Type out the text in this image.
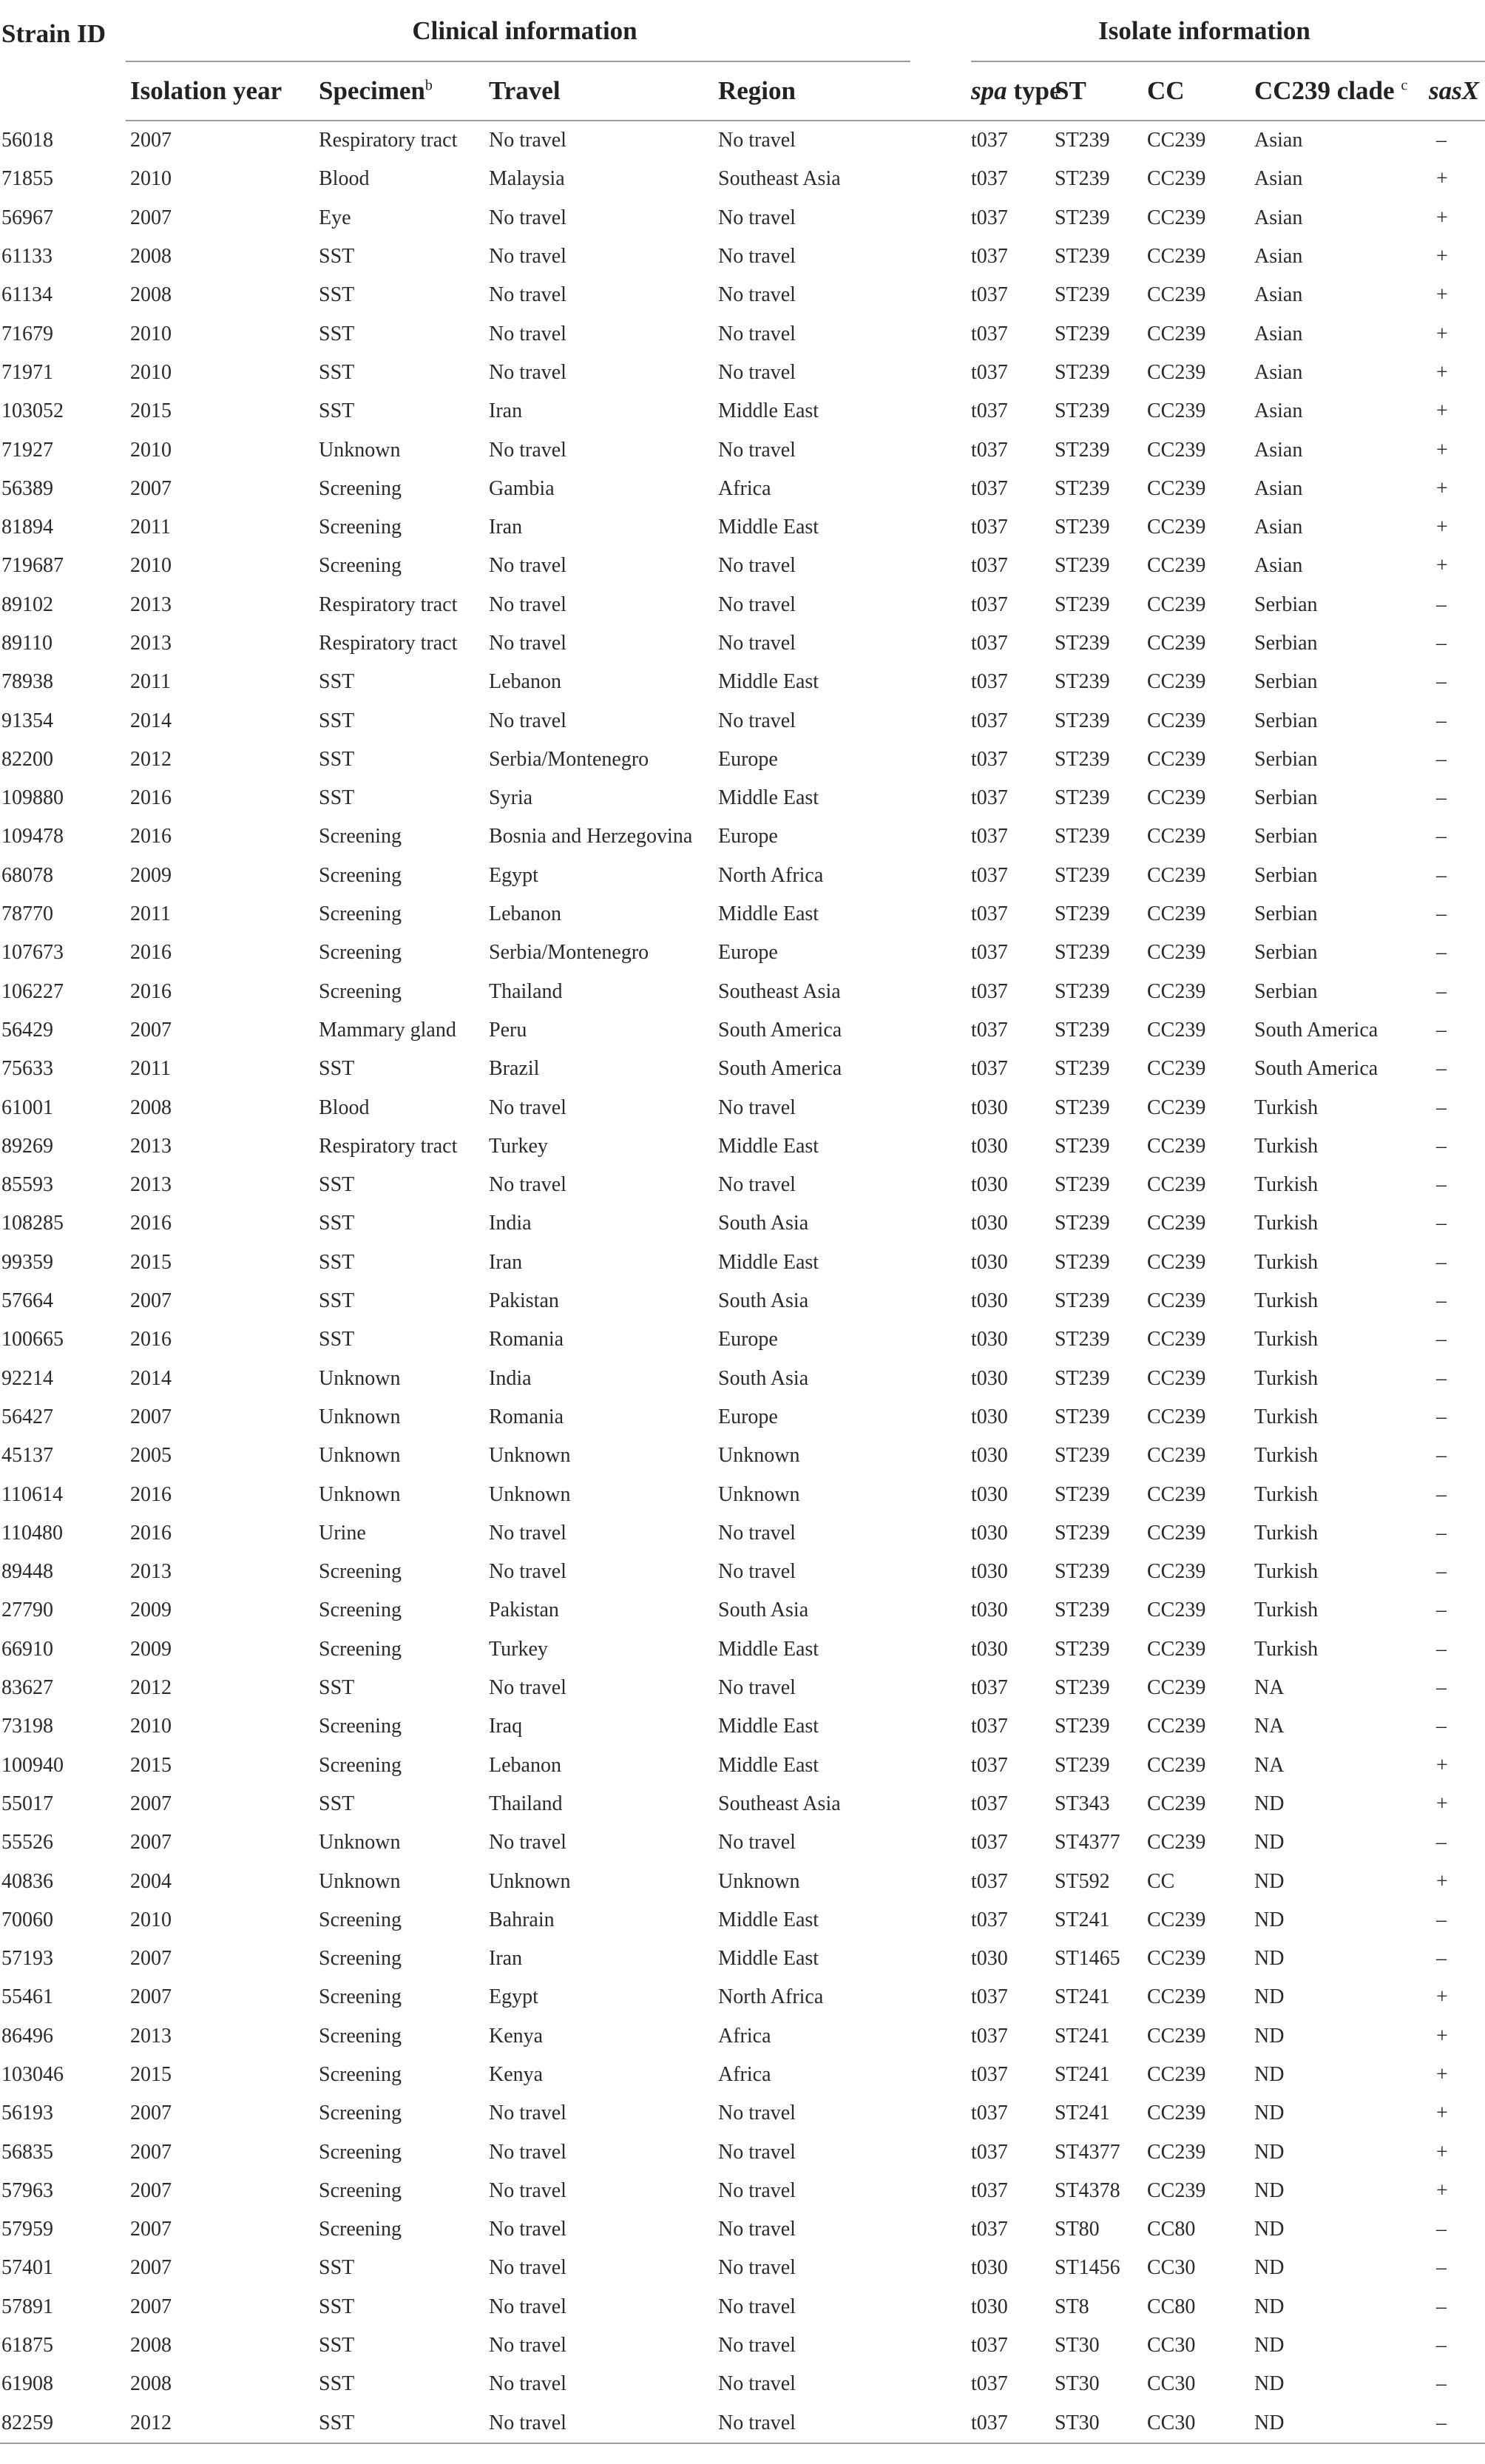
Strain ID	Clinical information				Isolate information				
	Isolation year	Specimen$^b$	Travel	Region	spa type	ST	CC	CC239 clade $^c$	sasX
56018	2007	Respiratory tract	No travel	No travel	t037	ST239	CC239	Asian	–
71855	2010	Blood	Malaysia	Southeast Asia	t037	ST239	CC239	Asian	+
56967	2007	Eye	No travel	No travel	t037	ST239	CC239	Asian	+
61133	2008	SST	No travel	No travel	t037	ST239	CC239	Asian	+
61134	2008	SST	No travel	No travel	t037	ST239	CC239	Asian	+
71679	2010	SST	No travel	No travel	t037	ST239	CC239	Asian	+
71971	2010	SST	No travel	No travel	t037	ST239	CC239	Asian	+
103052	2015	SST	Iran	Middle East	t037	ST239	CC239	Asian	+
71927	2010	Unknown	No travel	No travel	t037	ST239	CC239	Asian	+
56389	2007	Screening	Gambia	Africa	t037	ST239	CC239	Asian	+
81894	2011	Screening	Iran	Middle East	t037	ST239	CC239	Asian	+
719687	2010	Screening	No travel	No travel	t037	ST239	CC239	Asian	+
89102	2013	Respiratory tract	No travel	No travel	t037	ST239	CC239	Serbian	–
89110	2013	Respiratory tract	No travel	No travel	t037	ST239	CC239	Serbian	–
78938	2011	SST	Lebanon	Middle East	t037	ST239	CC239	Serbian	–
91354	2014	SST	No travel	No travel	t037	ST239	CC239	Serbian	–
82200	2012	SST	Serbia/Montenegro	Europe	t037	ST239	CC239	Serbian	–
109880	2016	SST	Syria	Middle East	t037	ST239	CC239	Serbian	–
109478	2016	Screening	Bosnia and Herzegovina	Europe	t037	ST239	CC239	Serbian	–
68078	2009	Screening	Egypt	North Africa	t037	ST239	CC239	Serbian	–
78770	2011	Screening	Lebanon	Middle East	t037	ST239	CC239	Serbian	–
107673	2016	Screening	Serbia/Montenegro	Europe	t037	ST239	CC239	Serbian	–
106227	2016	Screening	Thailand	Southeast Asia	t037	ST239	CC239	Serbian	–
56429	2007	Mammary gland	Peru	South America	t037	ST239	CC239	South America	–
75633	2011	SST	Brazil	South America	t037	ST239	CC239	South America	–
61001	2008	Blood	No travel	No travel	t030	ST239	CC239	Turkish	–
89269	2013	Respiratory tract	Turkey	Middle East	t030	ST239	CC239	Turkish	–
85593	2013	SST	No travel	No travel	t030	ST239	CC239	Turkish	–
108285	2016	SST	India	South Asia	t030	ST239	CC239	Turkish	–
99359	2015	SST	Iran	Middle East	t030	ST239	CC239	Turkish	–
57664	2007	SST	Pakistan	South Asia	t030	ST239	CC239	Turkish	–
100665	2016	SST	Romania	Europe	t030	ST239	CC239	Turkish	–
92214	2014	Unknown	India	South Asia	t030	ST239	CC239	Turkish	–
56427	2007	Unknown	Romania	Europe	t030	ST239	CC239	Turkish	–
45137	2005	Unknown	Unknown	Unknown	t030	ST239	CC239	Turkish	–
110614	2016	Unknown	Unknown	Unknown	t030	ST239	CC239	Turkish	–
110480	2016	Urine	No travel	No travel	t030	ST239	CC239	Turkish	–
89448	2013	Screening	No travel	No travel	t030	ST239	CC239	Turkish	–
27790	2009	Screening	Pakistan	South Asia	t030	ST239	CC239	Turkish	–
66910	2009	Screening	Turkey	Middle East	t030	ST239	CC239	Turkish	–
83627	2012	SST	No travel	No travel	t037	ST239	CC239	NA	–
73198	2010	Screening	Iraq	Middle East	t037	ST239	CC239	NA	–
100940	2015	Screening	Lebanon	Middle East	t037	ST239	CC239	NA	+
55017	2007	SST	Thailand	Southeast Asia	t037	ST343	CC239	ND	+
55526	2007	Unknown	No travel	No travel	t037	ST4377	CC239	ND	–
40836	2004	Unknown	Unknown	Unknown	t037	ST592	CC	ND	+
70060	2010	Screening	Bahrain	Middle East	t037	ST241	CC239	ND	–
57193	2007	Screening	Iran	Middle East	t030	ST1465	CC239	ND	–
55461	2007	Screening	Egypt	North Africa	t037	ST241	CC239	ND	+
86496	2013	Screening	Kenya	Africa	t037	ST241	CC239	ND	+
103046	2015	Screening	Kenya	Africa	t037	ST241	CC239	ND	+
56193	2007	Screening	No travel	No travel	t037	ST241	CC239	ND	+
56835	2007	Screening	No travel	No travel	t037	ST4377	CC239	ND	+
57963	2007	Screening	No travel	No travel	t037	ST4378	CC239	ND	+
57959	2007	Screening	No travel	No travel	t037	ST80	CC80	ND	–
57401	2007	SST	No travel	No travel	t030	ST1456	CC30	ND	–
57891	2007	SST	No travel	No travel	t030	ST8	CC80	ND	–
61875	2008	SST	No travel	No travel	t037	ST30	CC30	ND	–
61908	2008	SST	No travel	No travel	t037	ST30	CC30	ND	–
82259	2012	SST	No travel	No travel	t037	ST30	CC30	ND	–
